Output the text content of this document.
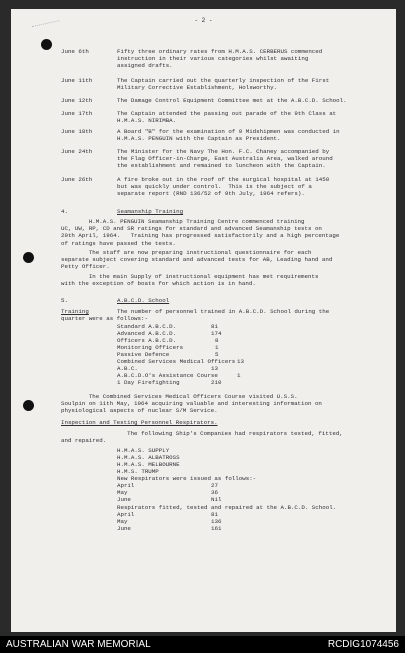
- 2 -
June 6th	Fifty three ordinary rates from H.M.A.S. CERBERUS commenced
instruction in their various categories whilst awaiting
assigned drafts.
June 11th	The Captain carried out the quarterly inspection of the First
Military Corrective Establishment, Holsworthy.
June 12th	The Damage Control Equipment Committee met at the A.B.C.D. School.
June 17th	The Captain attended the passing out parade of the 9th Class at
H.M.A.S. NIRIMBA.
June 18th	A Board "B" for the examination of 9 Midshipmen was conducted in
H.M.A.S. PENGUIN with the Captain as President.
June 24th	The Minister for the Navy The Hon. F.C. Chaney accompanied by
the Flag Officer-in-Charge, East Australia Area, walked around
the establishment and remained to luncheon with the Captain.
June 26th	A fire broke out in the roof of the surgical hospital at 1450
but was quickly under control.  This is the subject of a
separate report (RND 136/52 of 9th July, 1964 refers).
4.	Seamanship Training
H.M.A.S. PENGUIN Seamanship Training Centre commenced training
UC, UW, RP, CD and SR ratings for standard and advanced Seamanship tests on
20th April, 1964.   Training has progressed satisfactorily and a high percentage
of ratings have passed the tests.
The staff are now preparing instructional questionnaire for each
separate subject covering standard and advanced tests for AB, Leading hand and
Petty Officer.
In the main Supply of instructional equipment has met requirements
with the exception of boats for which action is in hand.
5.	A.B.C.D. School
Training	The number of personnel trained in A.B.C.D. School during the
quarter were as follows:-
Standard A.B.C.D.	81
Advanced A.B.C.D.	174
Officers A.B.C.D.	8
Monitoring Officers	1
Passive Defence	5
Combined Services Medical Officers 13
A.B.C.	13
A.B.C.D.O's Assistance Course	1
1 Day Firefighting	210
The Combined Services Medical Officers Course visited U.S.S.
Soulpin on 11th May, 1964 acquiring valuable and interesting information on
physiological aspects of nuclear S/M Service.
Inspection and Testing Personnel Respirators.
The following Ship's Companies had respirators tested, fitted,
and repaired.
H.M.A.S. SUPPLY
H.M.A.S. ALBATROSS
H.M.A.S. MELBOURNE
H.M.S. TRUMP
New Respirators were issued as follows:-
April	27
May	36
June	Nil
Respirators fitted, tested and repaired at the A.B.C.D. School.
April	81
May	136
June	161
AUSTRALIAN WAR MEMORIAL	RCDIG1074456
